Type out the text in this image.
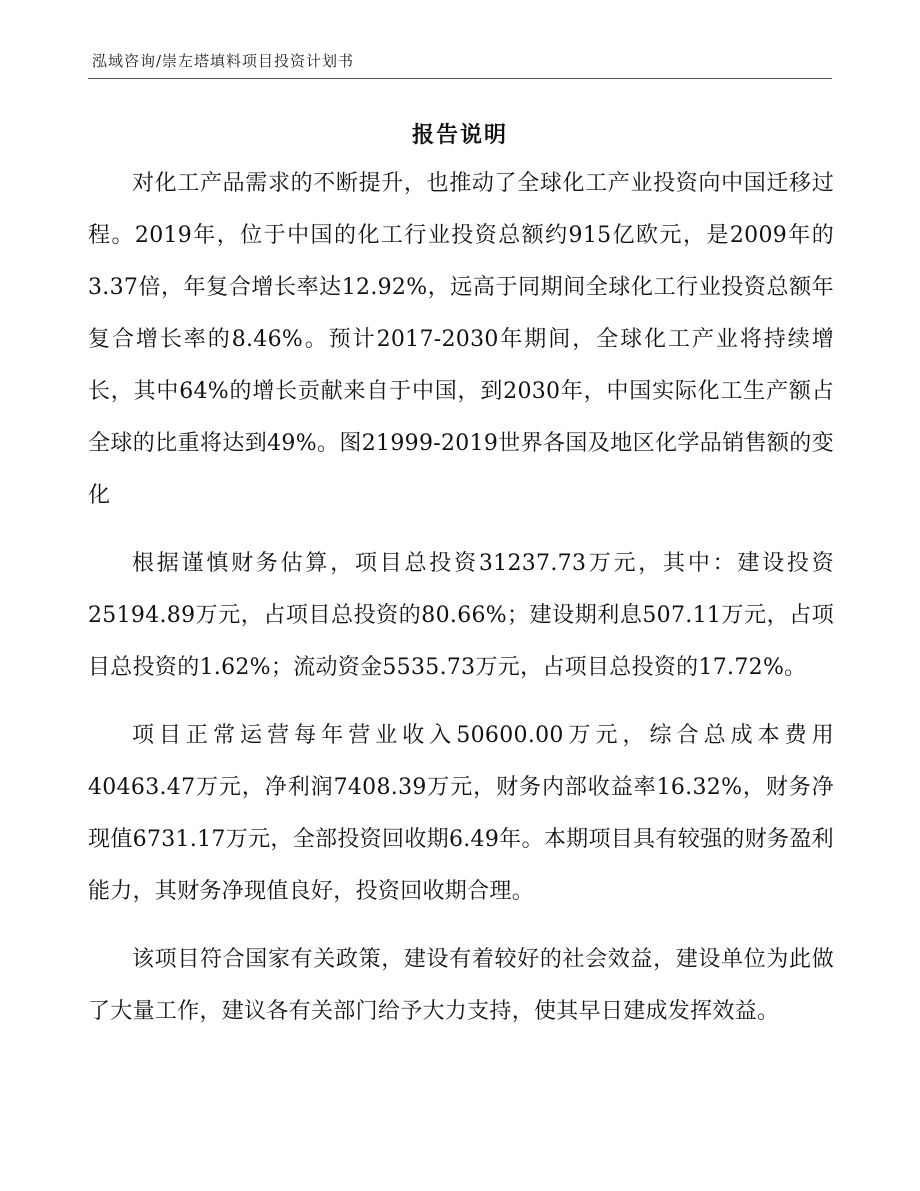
泓域咨询/崇左塔填料项目投资计划书
报告说明

对化工产品需求的不断提升，也推动了全球化工产业投资向中国迁移过程。2019年，位于中国的化工行业投资总额约915亿欧元，是2009年的3.37倍，年复合增长率达12.92%，远高于同期间全球化工行业投资总额年复合增长率的8.46%。预计2017-2030年期间，全球化工产业将持续增长，其中64%的增长贡献来自于中国，到2030年，中国实际化工生产额占全球的比重将达到49%。图21999-2019世界各国及地区化学品销售额的变化

根据谨慎财务估算，项目总投资31237.73万元，其中：建设投资25194.89万元，占项目总投资的80.66%；建设期利息507.11万元，占项目总投资的1.62%；流动资金5535.73万元，占项目总投资的17.72%。

项目正常运营每年营业收入50600.00万元，综合总成本费用40463.47万元，净利润7408.39万元，财务内部收益率16.32%，财务净现值6731.17万元，全部投资回收期6.49年。本期项目具有较强的财务盈利能力，其财务净现值良好，投资回收期合理。

该项目符合国家有关政策，建设有着较好的社会效益，建设单位为此做了大量工作，建议各有关部门给予大力支持，使其早日建成发挥效益。
